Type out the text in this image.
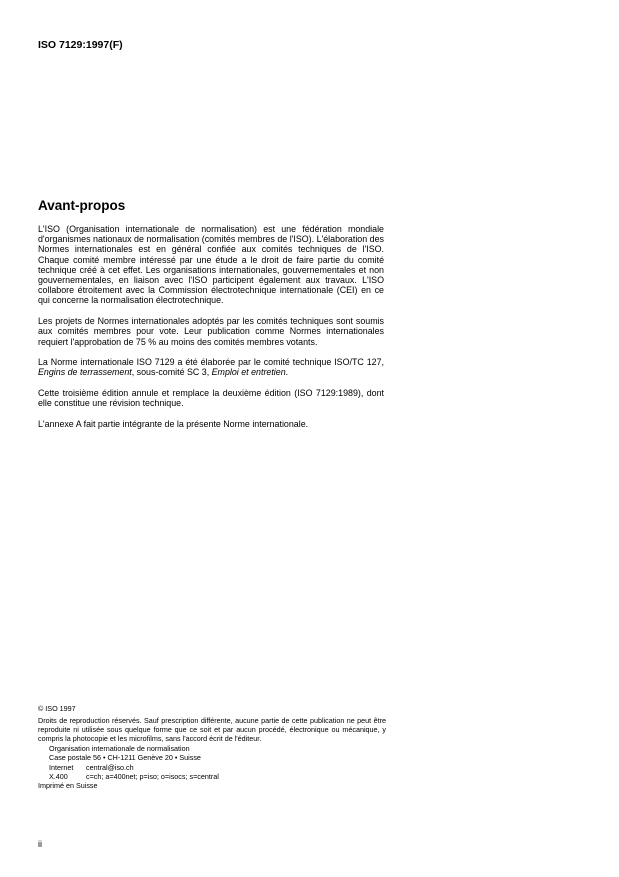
ISO 7129:1997(F)
Avant-propos

L'ISO (Organisation internationale de normalisation) est une fédération mondiale d'organismes nationaux de normalisation (comités membres de l'ISO). L'élaboration des Normes internationales est en général confiée aux comités techniques de l'ISO. Chaque comité membre intéressé par une étude a le droit de faire partie du comité technique créé à cet effet. Les organisations internationales, gouvernementales et non gouvernementales, en liaison avec l'ISO participent également aux travaux. L'ISO collabore étroitement avec la Commission électrotechnique internationale (CEI) en ce qui concerne la normalisation électrotechnique.

Les projets de Normes internationales adoptés par les comités techniques sont soumis aux comités membres pour vote. Leur publication comme Normes internationales requiert l'approbation de 75 % au moins des comités membres votants.

La Norme internationale ISO 7129 a été élaborée par le comité technique ISO/TC 127, Engins de terrassement, sous-comité SC 3, Emploi et entretien.

Cette troisième édition annule et remplace la deuxième édition (ISO 7129:1989), dont elle constitue une révision technique.

L'annexe A fait partie intégrante de la présente Norme internationale.

© ISO 1997

Droits de reproduction réservés. Sauf prescription différente, aucune partie de cette publication ne peut être reproduite ni utilisée sous quelque forme que ce soit et par aucun procédé, électronique ou mécanique, y compris la photocopie et les microfilms, sans l'accord écrit de l'éditeur.

Organisation internationale de normalisation
Case postale 56 • CH-1211 Genève 20 • Suisse
Internet central@iso.ch
X.400	c=ch; a=400net; p=iso; o=isocs; s=central

Imprimé en Suisse

ii
